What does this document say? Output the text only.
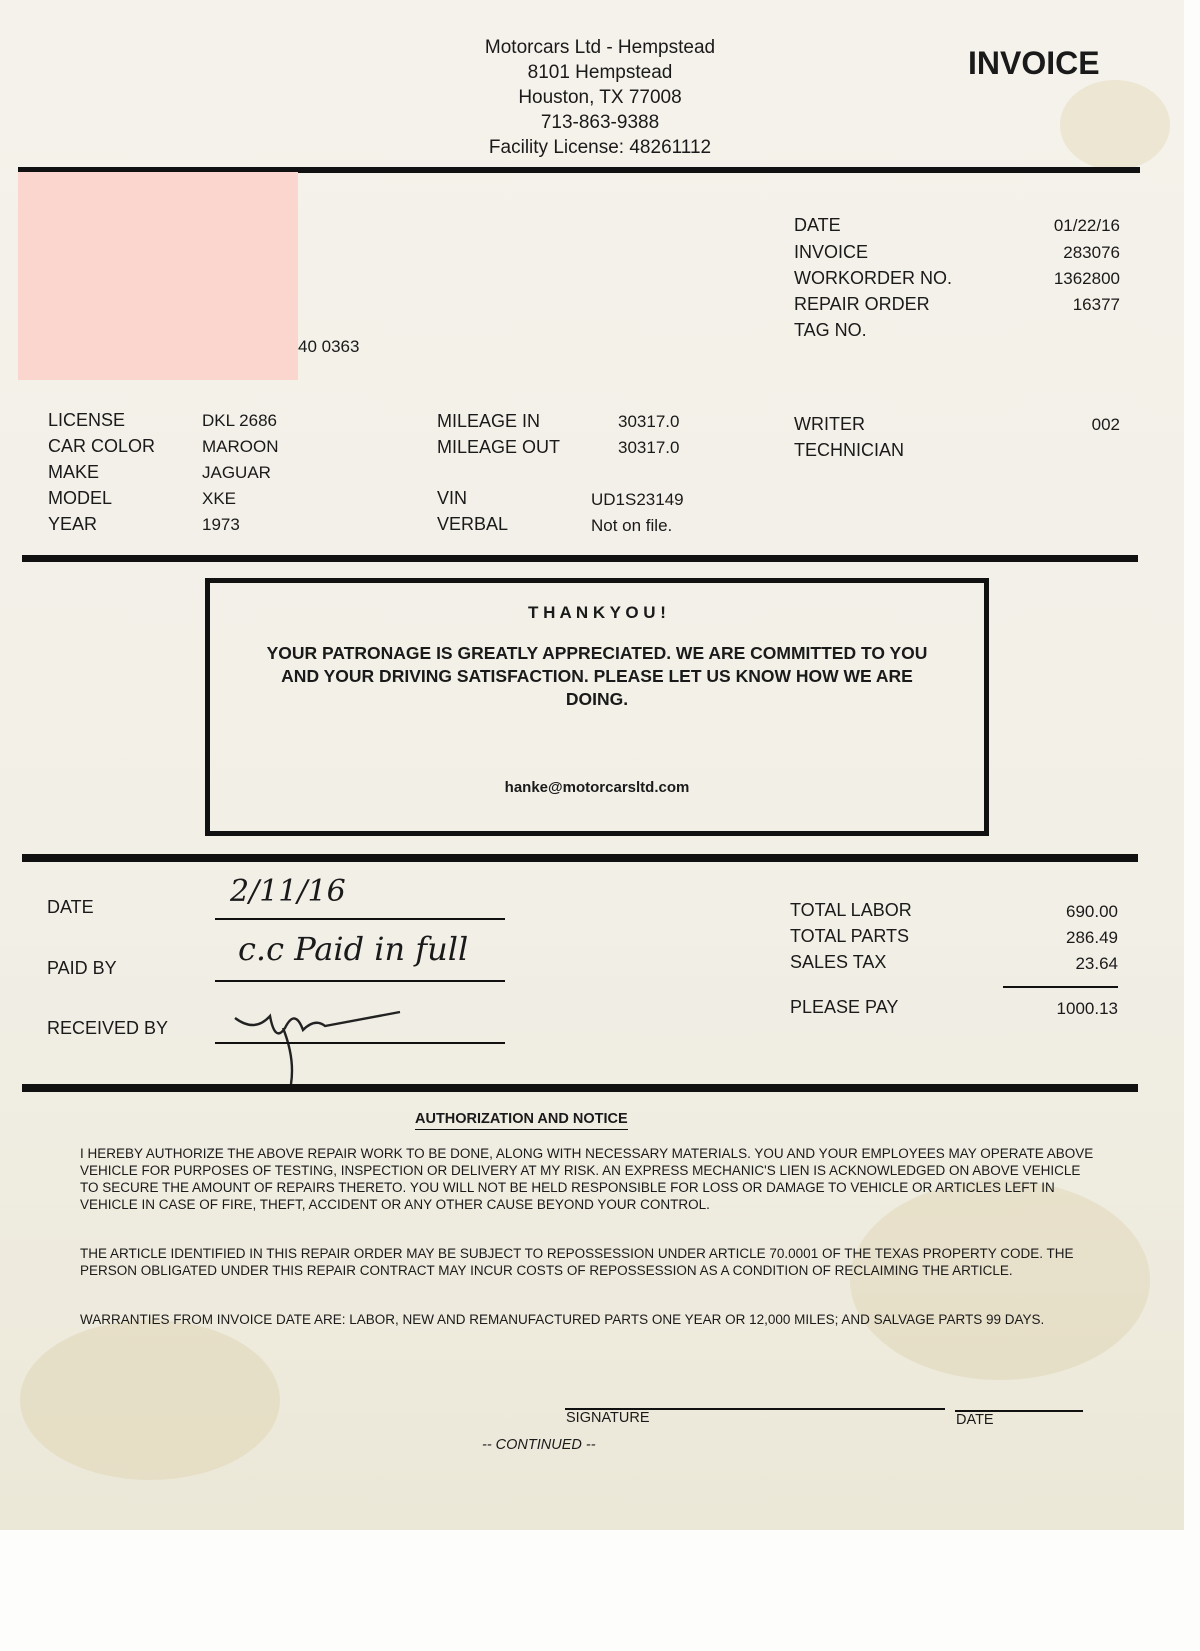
Motorcars Ltd - Hempstead
8101 Hempstead
Houston, TX 77008
713-863-9388
Facility License: 48261112
INVOICE
40 0363
DATE	01/22/16
INVOICE	283076
WORKORDER NO.	1362800
REPAIR ORDER	16377
TAG NO.
LICENSE	DKL 2686
CAR COLOR	MAROON
MAKE	JAGUAR
MODEL	XKE
YEAR	1973
MILEAGE IN	30317.0
MILEAGE OUT	30317.0
VIN	UD1S23149
VERBAL	Not on file.
WRITER	002
TECHNICIAN
T H A N K Y O U !
YOUR PATRONAGE IS GREATLY APPRECIATED. WE ARE COMMITTED TO YOU
AND YOUR DRIVING SATISFACTION. PLEASE LET US KNOW HOW WE ARE
DOING.
hanke@motorcarsltd.com
DATE	2/11/16
PAID BY	c.c Paid in full
RECEIVED BY
TOTAL LABOR	690.00
TOTAL PARTS	286.49
SALES TAX	23.64
PLEASE PAY	1000.13
AUTHORIZATION AND NOTICE
I HEREBY AUTHORIZE THE ABOVE REPAIR WORK TO BE DONE, ALONG WITH NECESSARY MATERIALS. YOU AND YOUR EMPLOYEES MAY OPERATE ABOVE VEHICLE FOR PURPOSES OF TESTING, INSPECTION OR DELIVERY AT MY RISK. AN EXPRESS MECHANIC'S LIEN IS ACKNOWLEDGED ON ABOVE VEHICLE TO SECURE THE AMOUNT OF REPAIRS THERETO. YOU WILL NOT BE HELD RESPONSIBLE FOR LOSS OR DAMAGE TO VEHICLE OR ARTICLES LEFT IN VEHICLE IN CASE OF FIRE, THEFT, ACCIDENT OR ANY OTHER CAUSE BEYOND YOUR CONTROL.
THE ARTICLE IDENTIFIED IN THIS REPAIR ORDER MAY BE SUBJECT TO REPOSSESSION UNDER ARTICLE 70.0001 OF THE TEXAS PROPERTY CODE. THE PERSON OBLIGATED UNDER THIS REPAIR CONTRACT MAY INCUR COSTS OF REPOSSESSION AS A CONDITION OF RECLAIMING THE ARTICLE.
WARRANTIES FROM INVOICE DATE ARE: LABOR, NEW AND REMANUFACTURED PARTS ONE YEAR OR 12,000 MILES; AND SALVAGE PARTS 99 DAYS.
SIGNATURE	DATE
-- CONTINUED --
